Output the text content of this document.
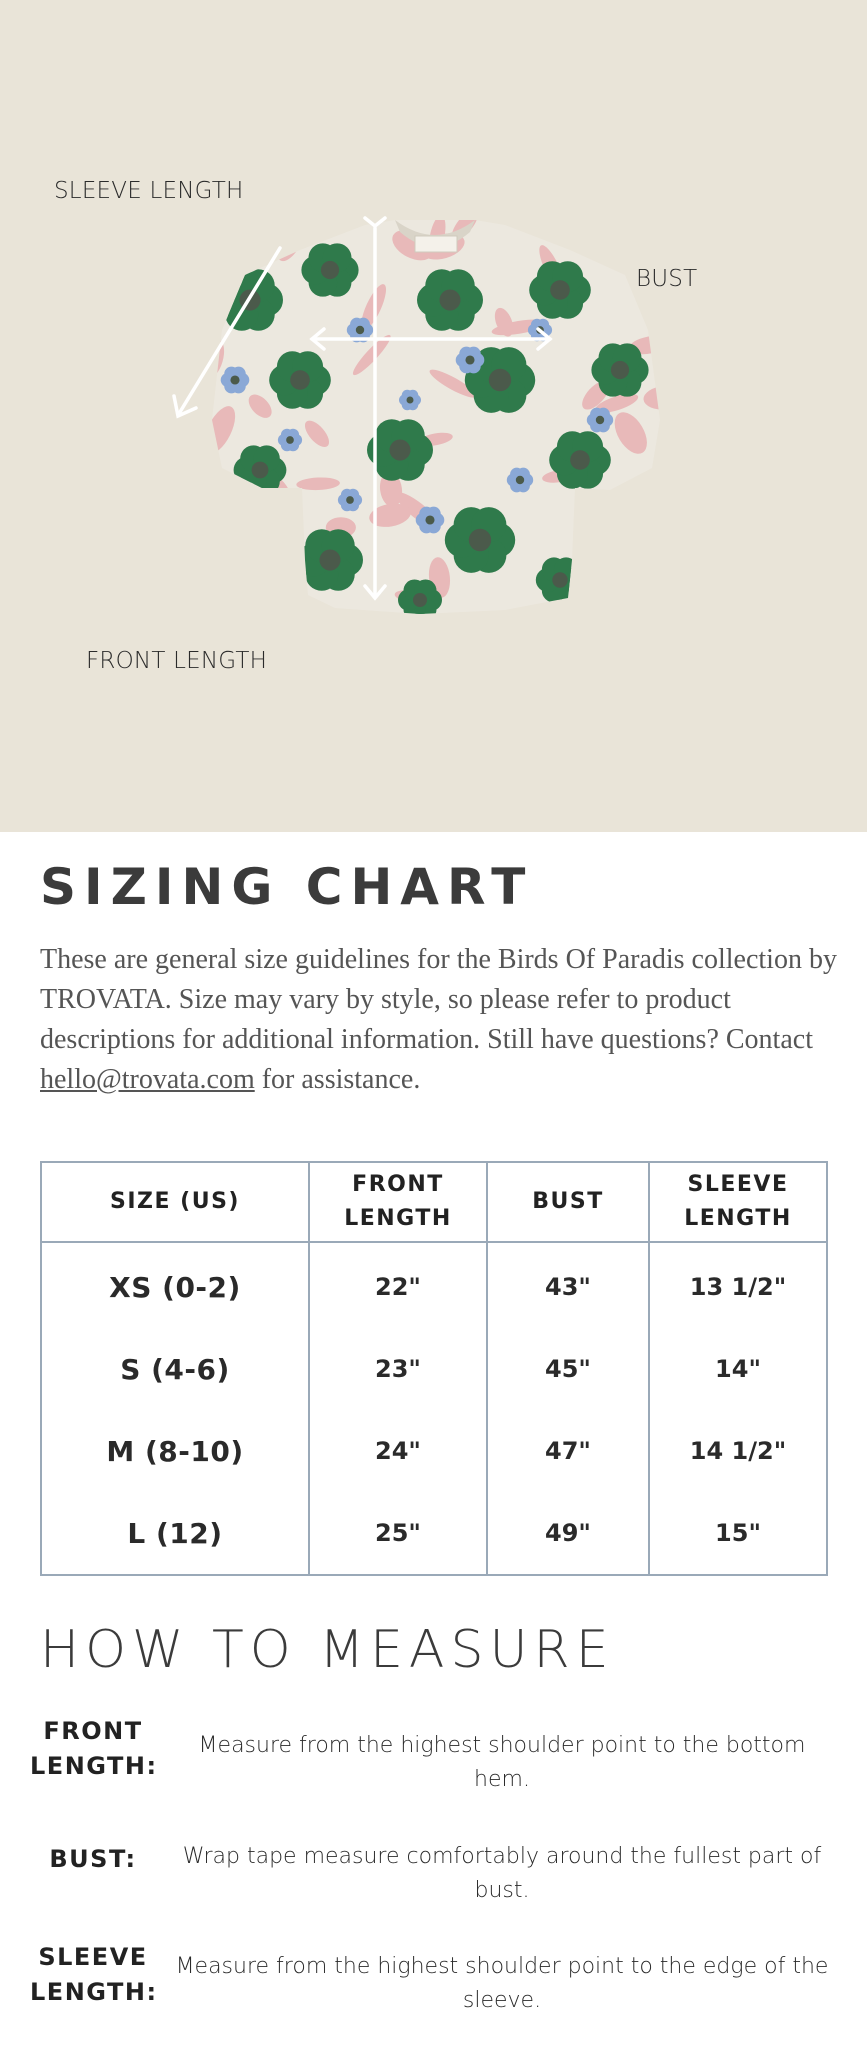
SLEEVE LENGTH
BUST
FRONT LENGTH
SIZING CHART
These are general size guidelines for the Birds Of Paradis collection by TROVATA. Size may vary by style, so please refer to product descriptions for additional information. Still have questions? Contact hello@trovata.com for assistance.
SIZE (US)	FRONT LENGTH	BUST	SLEEVE LENGTH
XS (0-2)	22"	43"	13 1/2"
S (4-6)	23"	45"	14"
M (8-10)	24"	47"	14 1/2"
L (12)	25"	49"	15"
HOW TO MEASURE
FRONT LENGTH:
Measure from the highest shoulder point to the bottom hem.
BUST:	Wrap tape measure comfortably around the fullest part of bust.
SLEEVE LENGTH:
Measure from the highest shoulder point to the edge of the sleeve.
